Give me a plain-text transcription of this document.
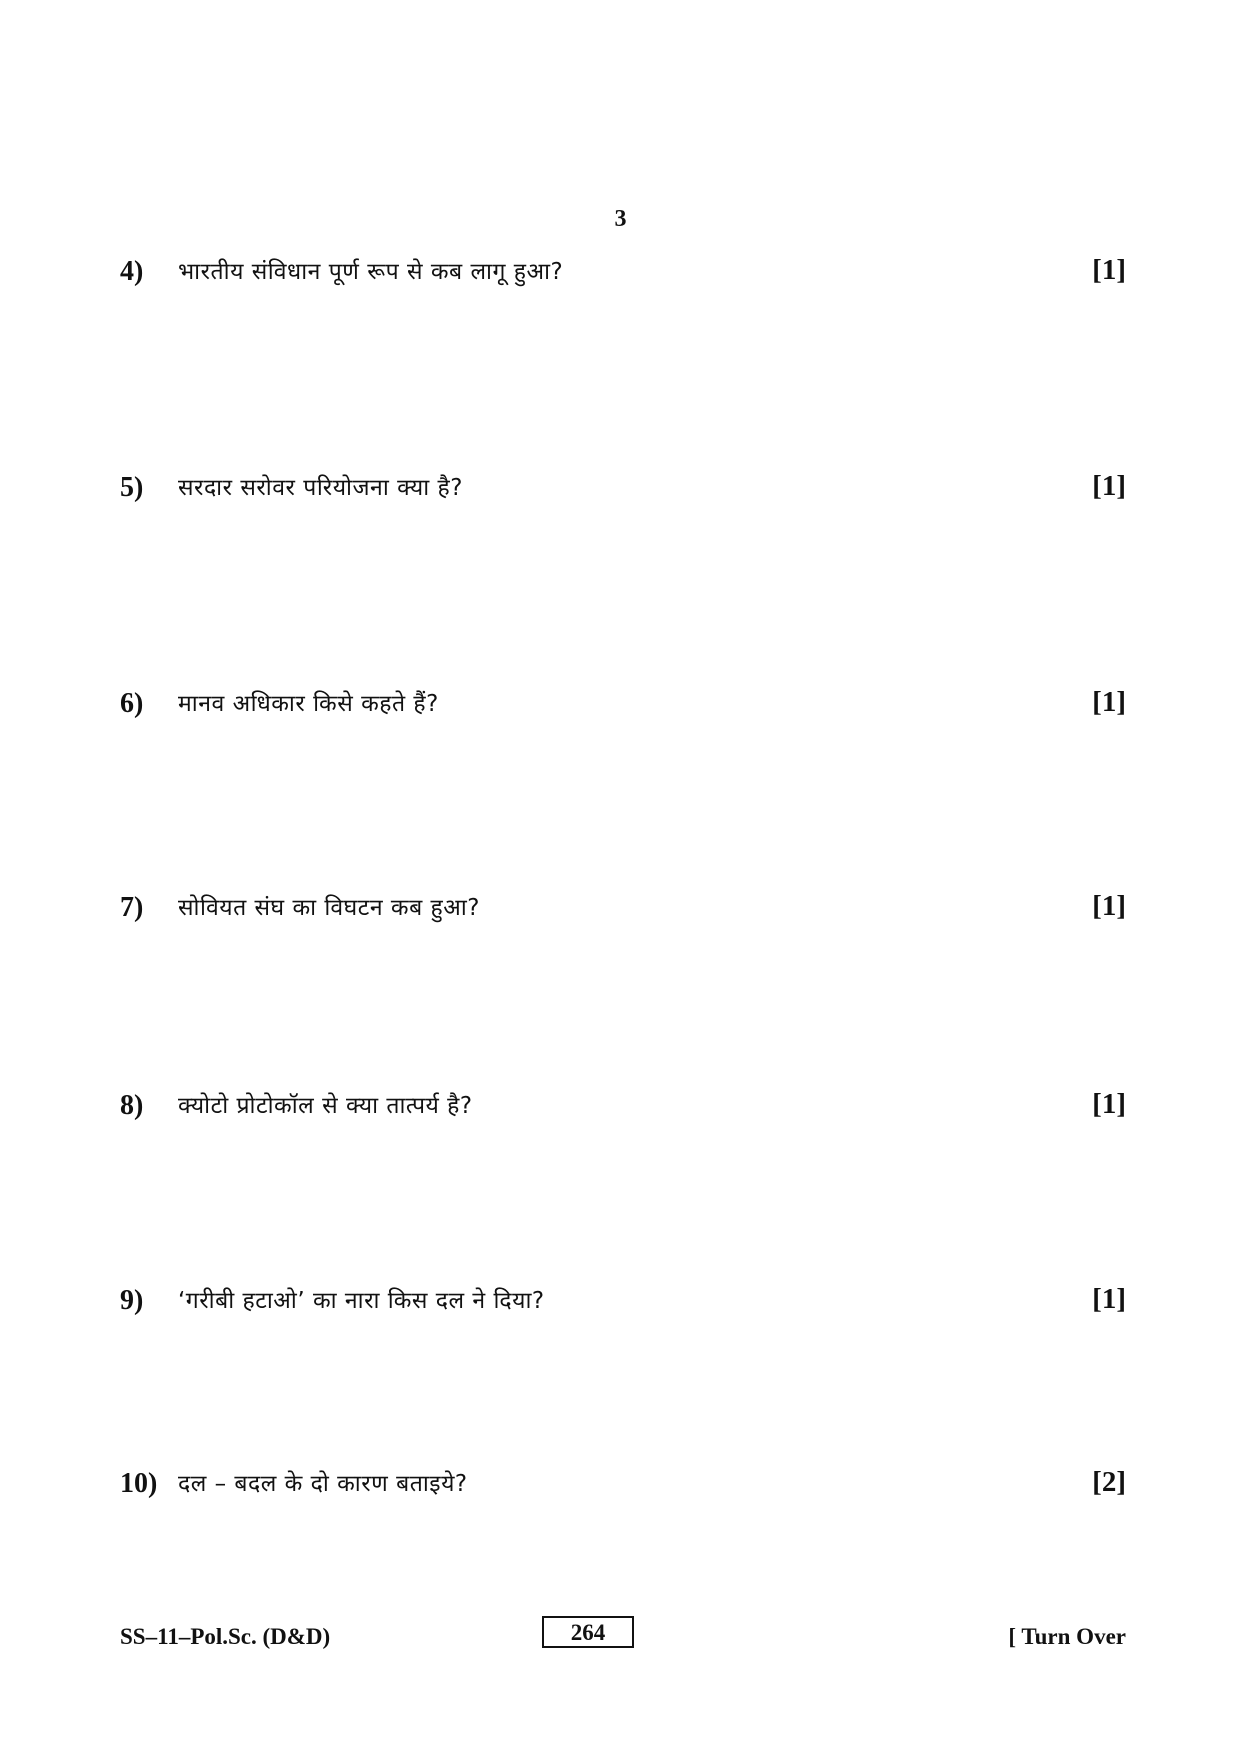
3
4) भारतीय संविधान पूर्ण रूप से कब लागू हुआ?	[1]
5) सरदार सरोवर परियोजना क्या है?	[1]
6) मानव अधिकार किसे कहते हैं?	[1]
7) सोवियत संघ का विघटन कब हुआ?	[1]
8) क्योटो प्रोटोकॉल से क्या तात्पर्य है?	[1]
9) ‘गरीबी हटाओ’ का नारा किस दल ने दिया?	[1]
10) दल – बदल के दो कारण बताइये?	[2]
SS–11–Pol.Sc. (D&D)	264	[ Turn Over
